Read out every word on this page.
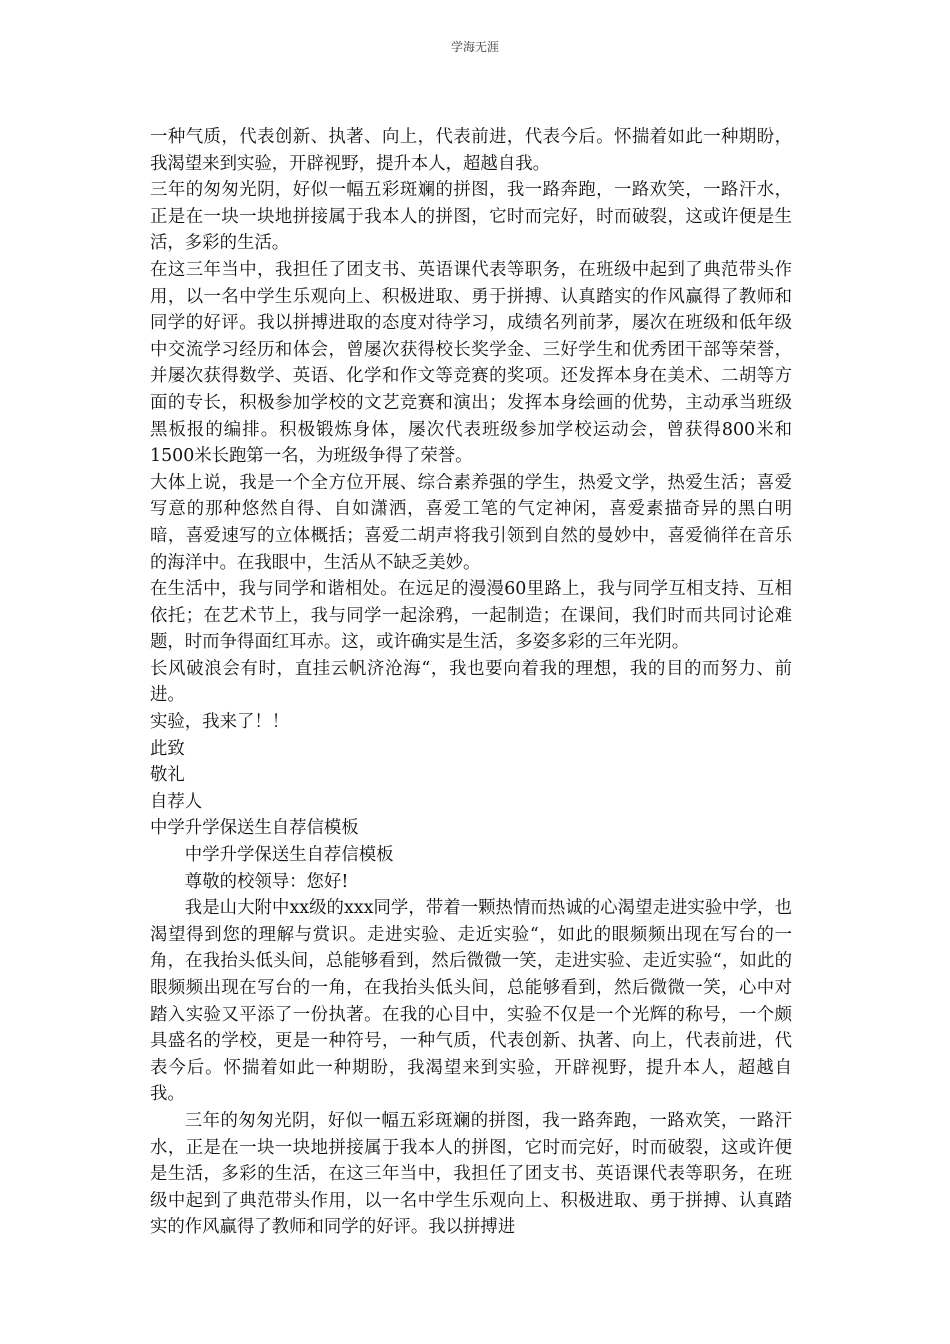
学海无涯

一种气质，代表创新、执著、向上，代表前进，代表今后。怀揣着如此一种期盼，我渴望来到实验，开辟视野，提升本人，超越自我。

三年的匆匆光阴，好似一幅五彩斑斓的拼图，我一路奔跑，一路欢笑，一路汗水，正是在一块一块地拼接属于我本人的拼图，它时而完好，时而破裂，这或许便是生活，多彩的生活。

在这三年当中，我担任了团支书、英语课代表等职务，在班级中起到了典范带头作用，以一名中学生乐观向上、积极进取、勇于拼搏、认真踏实的作风赢得了教师和同学的好评。我以拼搏进取的态度对待学习，成绩名列前茅，屡次在班级和低年级中交流学习经历和体会，曾屡次获得校长奖学金、三好学生和优秀团干部等荣誉，并屡次获得数学、英语、化学和作文等竞赛的奖项。还发挥本身在美术、二胡等方面的专长，积极参加学校的文艺竞赛和演出；发挥本身绘画的优势，主动承当班级黑板报的编排。积极锻炼身体，屡次代表班级参加学校运动会，曾获得800米和1500米长跑第一名，为班级争得了荣誉。

大体上说，我是一个全方位开展、综合素养强的学生，热爱文学，热爱生活；喜爱写意的那种悠然自得、自如潇洒，喜爱工笔的气定神闲，喜爱素描奇异的黑白明暗，喜爱速写的立体概括；喜爱二胡声将我引领到自然的曼妙中，喜爱徜徉在音乐的海洋中。在我眼中，生活从不缺乏美妙。

在生活中，我与同学和谐相处。在远足的漫漫60里路上，我与同学互相支持、互相依托；在艺术节上，我与同学一起涂鸦，一起制造；在课间，我们时而共同讨论难题，时而争得面红耳赤。这，或许确实是生活，多姿多彩的三年光阴。

长风破浪会有时，直挂云帆济沧海“，我也要向着我的理想，我的目的而努力、前进。

实验，我来了！！

此致

敬礼

自荐人

中学升学保送生自荐信模板

中学升学保送生自荐信模板

尊敬的校领导：您好!

我是山大附中xx级的xxx同学，带着一颗热情而热诚的心渴望走进实验中学，也渴望得到您的理解与赏识。走进实验、走近实验“，如此的眼频频出现在写台的一角，在我抬头低头间，总能够看到，然后微微一笑，走进实验、走近实验“，如此的眼频频出现在写台的一角，在我抬头低头间，总能够看到，然后微微一笑，心中对踏入实验又平添了一份执著。在我的心目中，实验不仅是一个光辉的称号，一个颇具盛名的学校，更是一种符号，一种气质，代表创新、执著、向上，代表前进，代表今后。怀揣着如此一种期盼，我渴望来到实验，开辟视野，提升本人，超越自我。

三年的匆匆光阴，好似一幅五彩斑斓的拼图，我一路奔跑，一路欢笑，一路汗水，正是在一块一块地拼接属于我本人的拼图，它时而完好，时而破裂，这或许便是生活，多彩的生活，在这三年当中，我担任了团支书、英语课代表等职务，在班级中起到了典范带头作用，以一名中学生乐观向上、积极进取、勇于拼搏、认真踏实的作风赢得了教师和同学的好评。我以拼搏进
